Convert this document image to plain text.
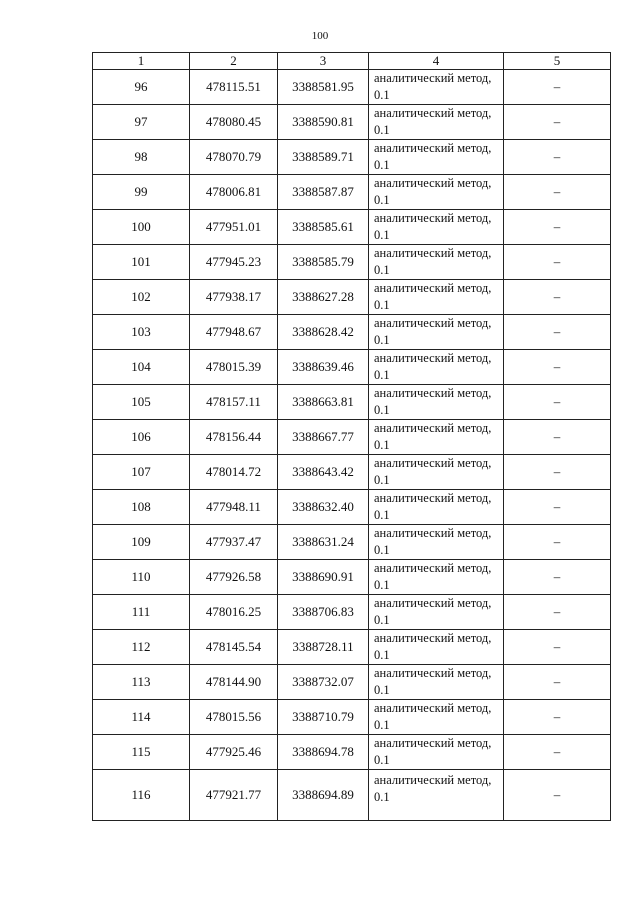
100
1	2	3	4	5
96	478115.51	3388581.95	аналитический метод, 0.1	–
97	478080.45	3388590.81	аналитический метод, 0.1	–
98	478070.79	3388589.71	аналитический метод, 0.1	–
99	478006.81	3388587.87	аналитический метод, 0.1	–
100	477951.01	3388585.61	аналитический метод, 0.1	–
101	477945.23	3388585.79	аналитический метод, 0.1	–
102	477938.17	3388627.28	аналитический метод, 0.1	–
103	477948.67	3388628.42	аналитический метод, 0.1	–
104	478015.39	3388639.46	аналитический метод, 0.1	–
105	478157.11	3388663.81	аналитический метод, 0.1	–
106	478156.44	3388667.77	аналитический метод, 0.1	–
107	478014.72	3388643.42	аналитический метод, 0.1	–
108	477948.11	3388632.40	аналитический метод, 0.1	–
109	477937.47	3388631.24	аналитический метод, 0.1	–
110	477926.58	3388690.91	аналитический метод, 0.1	–
111	478016.25	3388706.83	аналитический метод, 0.1	–
112	478145.54	3388728.11	аналитический метод, 0.1	–
113	478144.90	3388732.07	аналитический метод, 0.1	–
114	478015.56	3388710.79	аналитический метод, 0.1	–
115	477925.46	3388694.78	аналитический метод, 0.1	–
116	477921.77	3388694.89	аналитический метод, 0.1	–
